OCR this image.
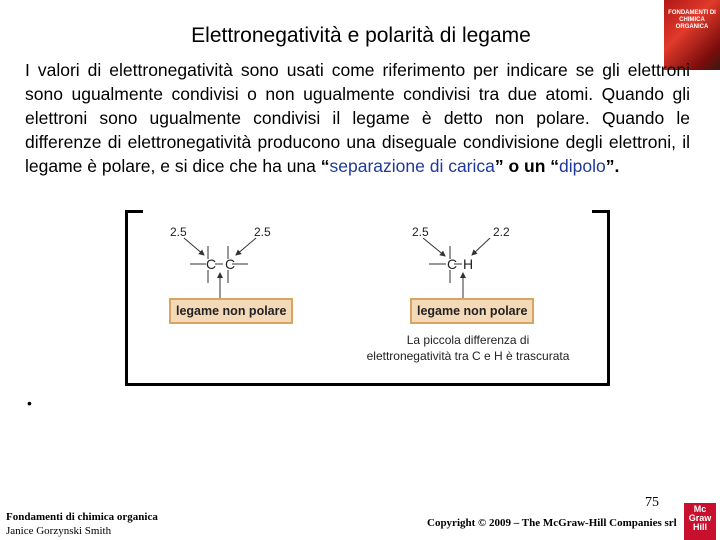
Elettronegatività e polarità di legame
FONDAMENTI DI CHIMICA ORGANICA
I valori di elettronegatività sono usati come riferimento per indicare se gli elettroni sono ugualmente condivisi o non ugualmente condivisi tra due atomi. Quando gli elettroni sono ugualmente condivisi il legame è detto non polare. Quando le differenze di elettronegatività producono una diseguale condivisione degli elettroni, il legame è polare, e si dice che ha una “separazione di carica” o un “dipolo”.
2.5	2.5
C C
legame non polare
2.5	2.2
C H
legame non polare
La piccola differenza di
elettronegatività tra C e H è trascurata
•
Fondamenti di chimica organica
Janice Gorzynski Smith
75
Copyright © 2009 – The McGraw-Hill Companies srl
Mc
Graw
Hill
